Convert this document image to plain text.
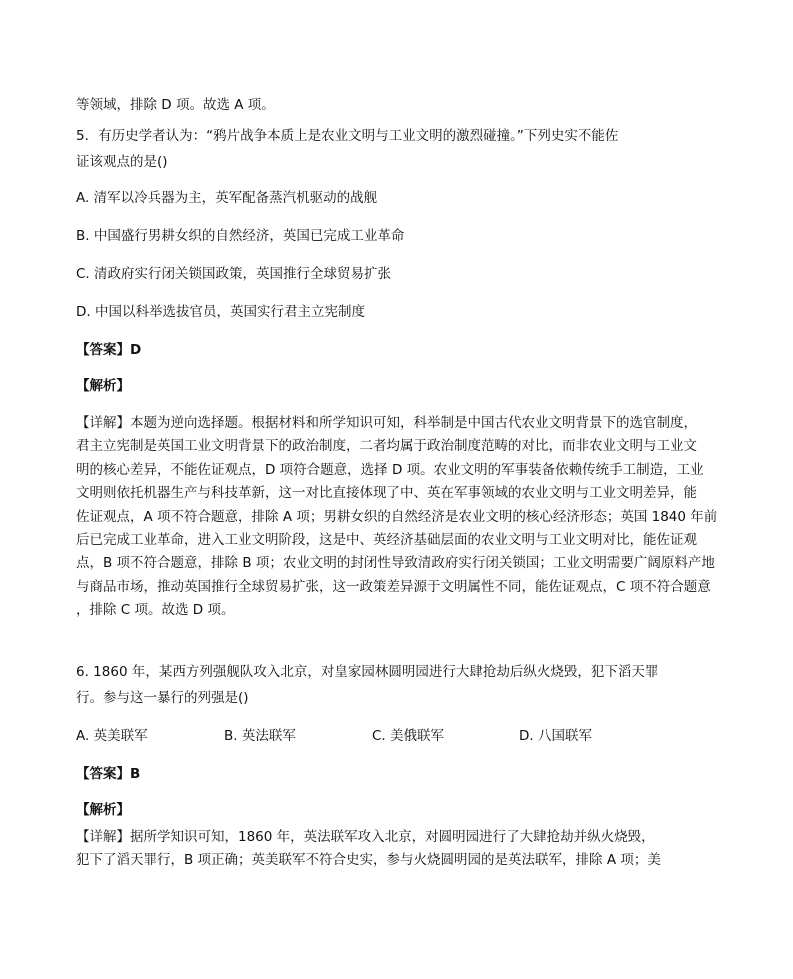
等领域，排除 D 项。故选 A 项。
5．有历史学者认为：“鸦片战争本质上是农业文明与工业文明的激烈碰撞。”下列史实不能佐
证该观点的是()
A. 清军以冷兵器为主，英军配备蒸汽机驱动的战舰
B. 中国盛行男耕女织的自然经济，英国已完成工业革命
C. 清政府实行闭关锁国政策，英国推行全球贸易扩张
D. 中国以科举选拔官员，英国实行君主立宪制度
【答案】D
【解析】
【详解】本题为逆向选择题。根据材料和所学知识可知，科举制是中国古代农业文明背景下的选官制度，
君主立宪制是英国工业文明背景下的政治制度，二者均属于政治制度范畴的对比，而非农业文明与工业文
明的核心差异，不能佐证观点，D 项符合题意，选择 D 项。农业文明的军事装备依赖传统手工制造，工业
文明则依托机器生产与科技革新，这一对比直接体现了中、英在军事领域的农业文明与工业文明差异，能
佐证观点，A 项不符合题意，排除 A 项；男耕女织的自然经济是农业文明的核心经济形态；英国 1840 年前
后已完成工业革命，进入工业文明阶段，这是中、英经济基础层面的农业文明与工业文明对比，能佐证观
点，B 项不符合题意，排除 B 项；农业文明的封闭性导致清政府实行闭关锁国；工业文明需要广阔原料产地
与商品市场，推动英国推行全球贸易扩张，这一政策差异源于文明属性不同，能佐证观点，C 项不符合题意
，排除 C 项。故选 D 项。
6. 1860 年，某西方列强舰队攻入北京，对皇家园林圆明园进行大肆抢劫后纵火烧毁，犯下滔天罪
行。参与这一暴行的列强是()
A. 英美联军	B. 英法联军	C. 美俄联军	D. 八国联军
【答案】B
【解析】
【详解】据所学知识可知，1860 年，英法联军攻入北京，对圆明园进行了大肆抢劫并纵火烧毁，
犯下了滔天罪行，B 项正确；英美联军不符合史实，参与火烧圆明园的是英法联军，排除 A 项；美
